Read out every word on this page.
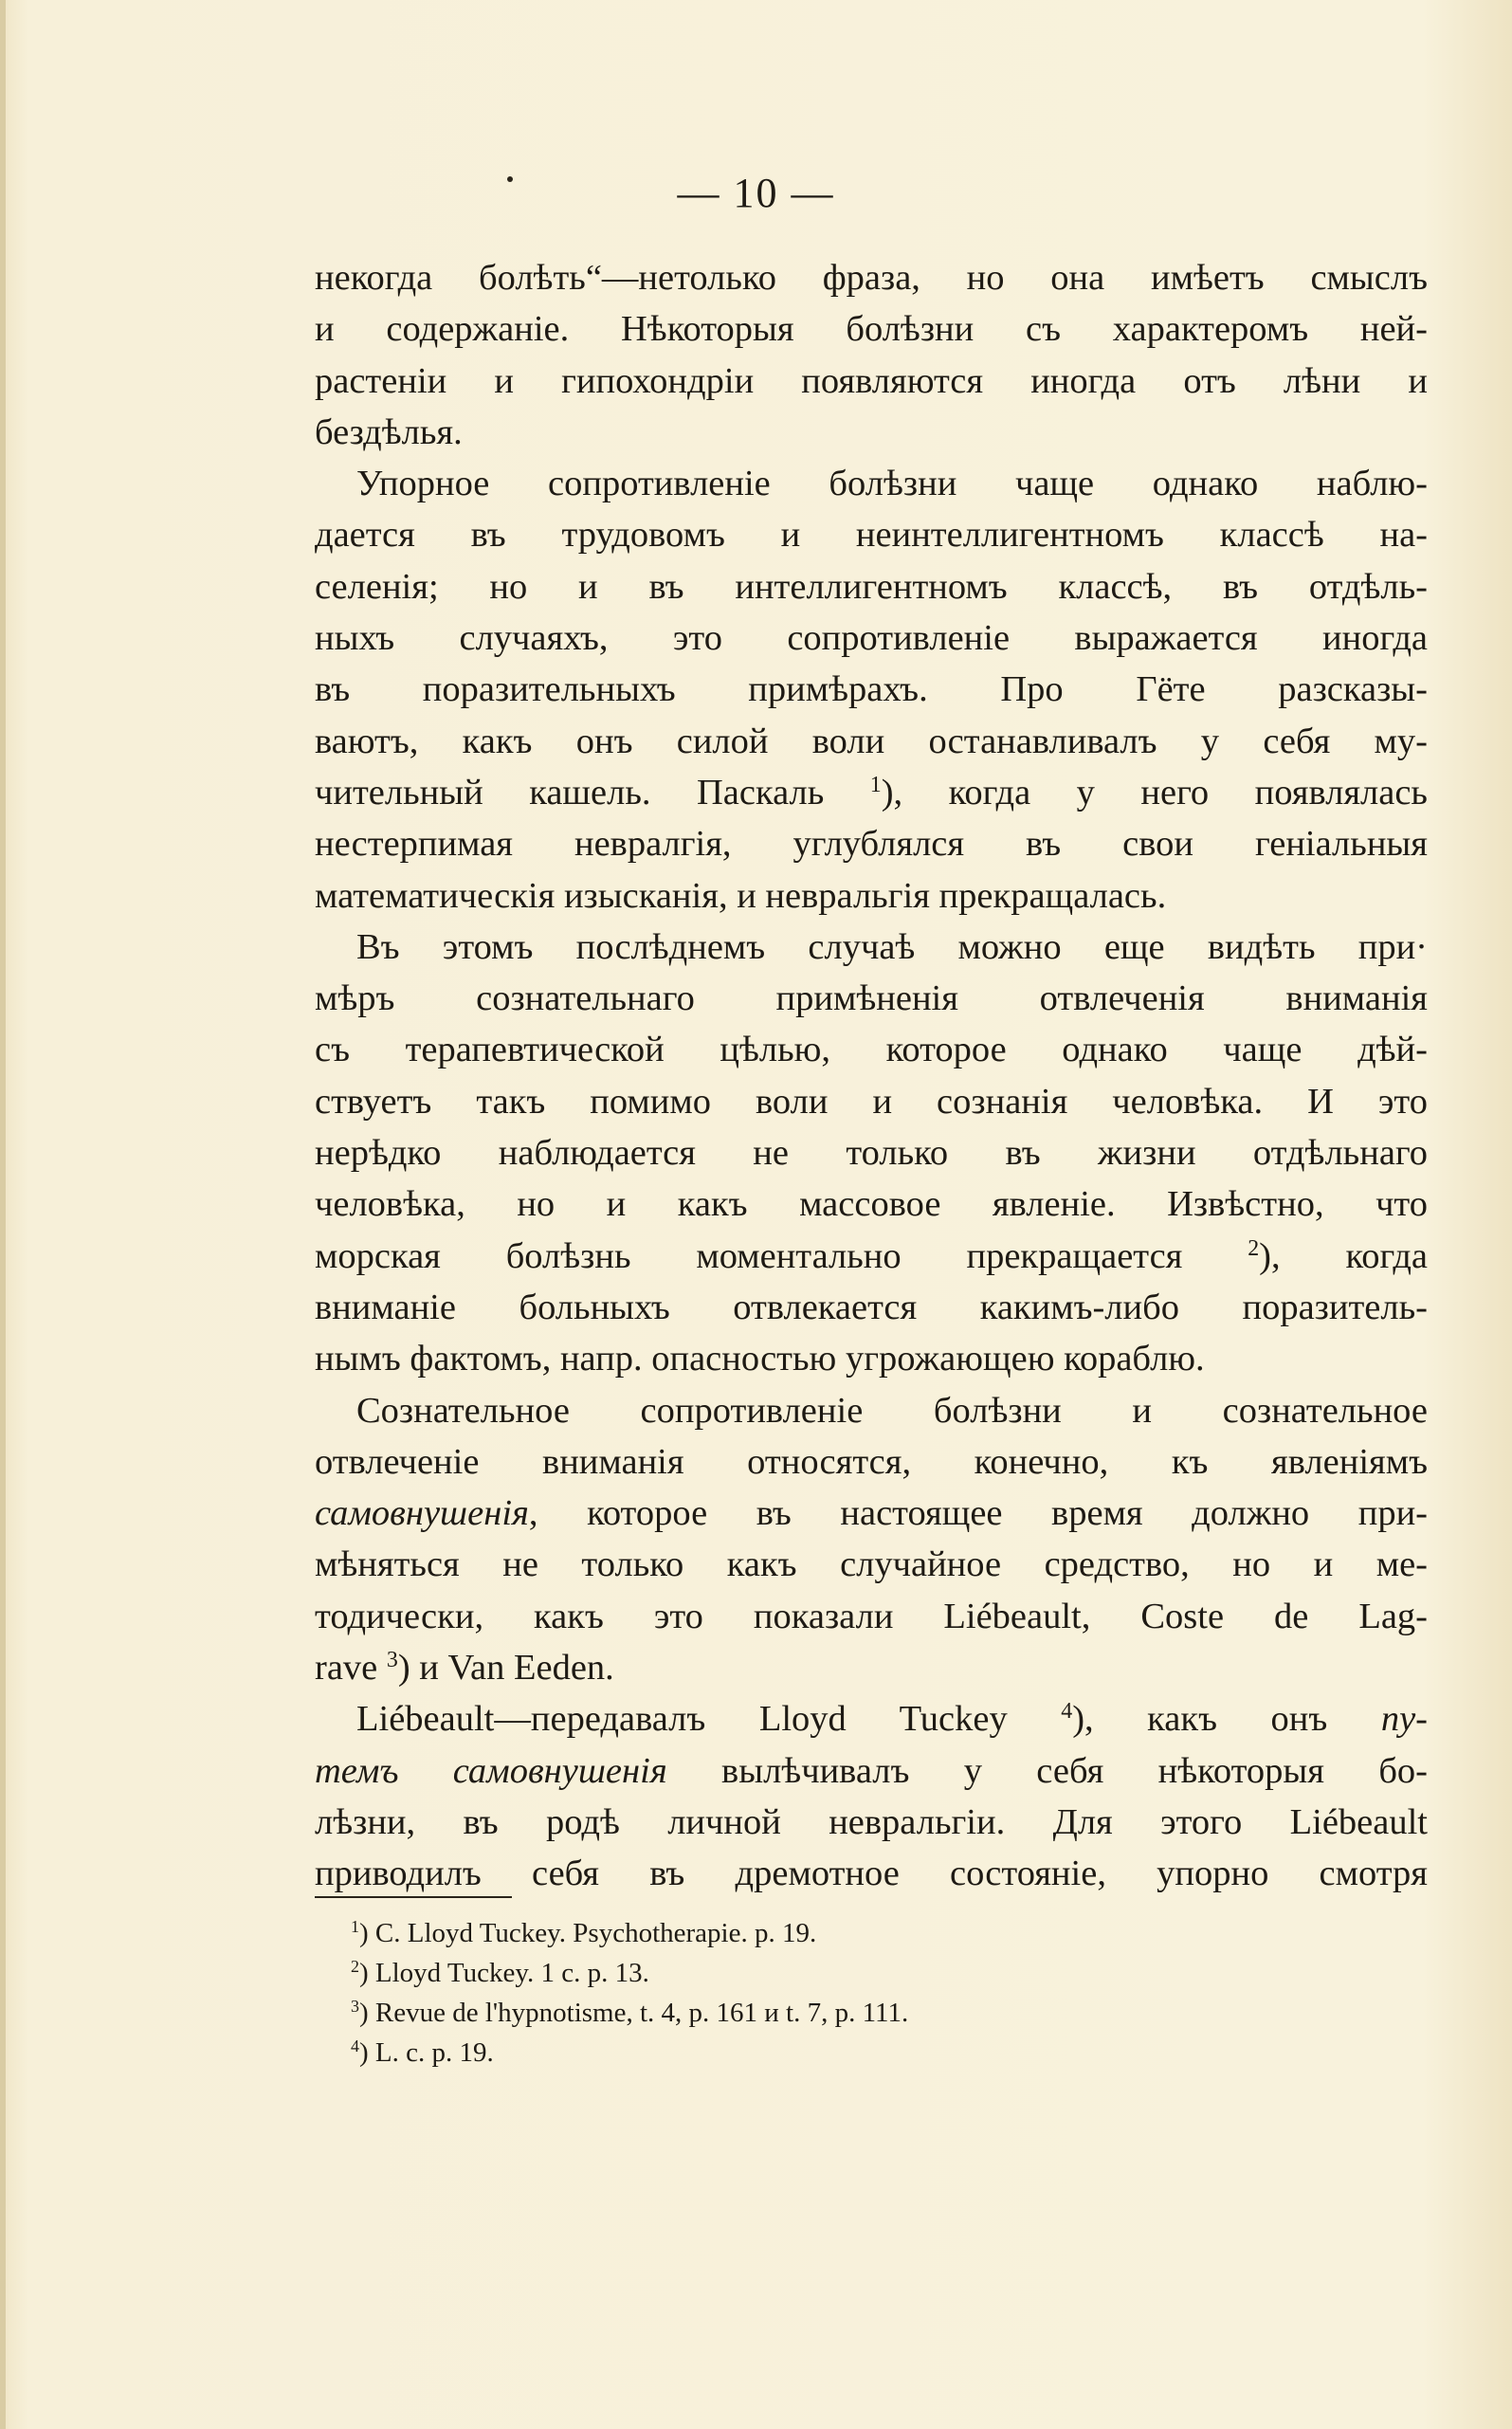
— 10 —
некогда болѣть“—нетолько фраза, но она имѣетъ смыслъ
и содержаніе. Нѣкоторыя болѣзни съ характеромъ ней-
растеніи и гипохондріи появляются иногда отъ лѣни и
бездѣлья.
Упорное сопротивленіе болѣзни чаще однако наблю-
дается въ трудовомъ и неинтеллигентномъ классѣ на-
селенія; но и въ интеллигентномъ классѣ, въ отдѣль-
ныхъ случаяхъ, это сопротивленіе выражается иногда
въ поразительныхъ примѣрахъ. Про Гёте разсказы-
ваютъ, какъ онъ силой воли останавливалъ у себя му-
чительный кашель. Паскаль $^1$), когда у него появлялась
нестерпимая невралгія, углублялся въ свои геніальныя
математическія изысканія, и невральгія прекращалась.
Въ этомъ послѣднемъ случаѣ можно еще видѣть при·
мѣръ сознательнаго примѣненія отвлеченія вниманія
съ терапевтической цѣлью, которое однако чаще дѣй-
ствуетъ такъ помимо воли и сознанія человѣка. И это
нерѣдко наблюдается не только въ жизни отдѣльнаго
человѣка, но и какъ массовое явленіе. Извѣстно, что
морская болѣзнь моментально прекращается $^2$), когда
вниманіе больныхъ отвлекается какимъ-либо поразитель-
нымъ фактомъ, напр. опасностью угрожающею кораблю.
Сознательное сопротивленіе болѣзни и сознательное
отвлеченіе вниманія относятся, конечно, къ явленіямъ
самовнушенія, которое въ настоящее время должно при-
мѣняться не только какъ случайное средство, но и ме-
тодически, какъ это показали Liébeault, Coste de Lag-
rave $^3$) и Van Eeden.
Liébeault—передавалъ Lloyd Tuckey $^4$), какъ онъ пу-
темъ самовнушенія вылѣчивалъ у себя нѣкоторыя бо-
лѣзни, въ родѣ личной невральгіи. Для этого Liébeault
приводилъ себя въ дремотное состояніе, упорно смотря
$^1$) C. Lloyd Tuckey. Psychotherapie. p. 19.
$^2$) Lloyd Tuckey. 1 c. p. 13.
$^3$) Revue de l'hypnotisme, t. 4, p. 161 и t. 7, p. 111.
$^4$) L. c. p. 19.
